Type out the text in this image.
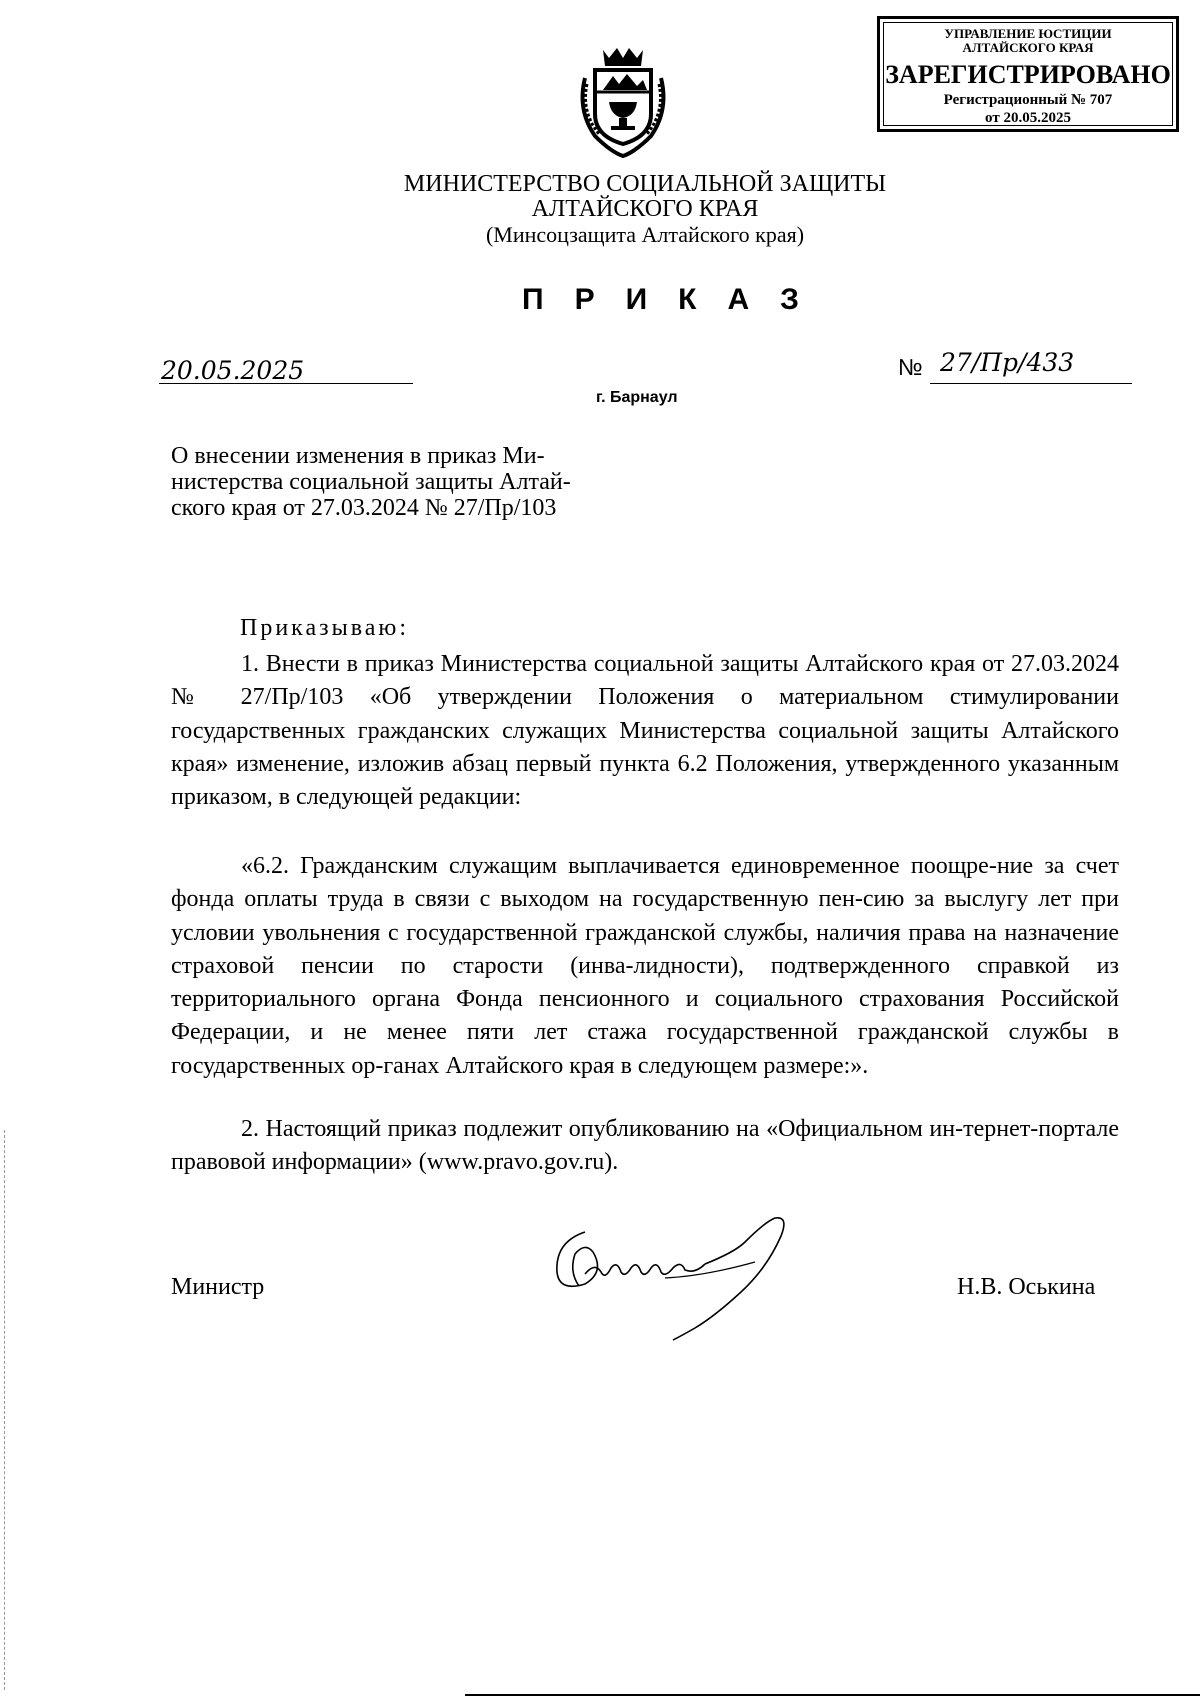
УПРАВЛЕНИЕ ЮСТИЦИИ
АЛТАЙСКОГО КРАЯ
ЗАРЕГИСТРИРОВАНО
Регистрационный № 707
от 20.05.2025
МИНИСТЕРСТВО СОЦИАЛЬНОЙ ЗАЩИТЫ
АЛТАЙСКОГО КРАЯ
(Минсоцзащита Алтайского края)
ПРИКАЗ
20.05.2025	№ 27/Пр/433
г. Барнаул
О внесении изменения в приказ Ми-
нистерства социальной защиты Алтай-
ского края от 27.03.2024 № 27/Пр/103
Приказываю:

1. Внести в приказ Министерства социальной защиты Алтайского края от 27.03.2024 № 27/Пр/103 «Об утверждении Положения о материальном стимулировании государственных гражданских служащих Министерства социальной защиты Алтайского края» изменение, изложив абзац первый пункта 6.2 Положения, утвержденного указанным приказом, в следующей редакции:

«6.2. Гражданским служащим выплачивается единовременное поощре-ние за счет фонда оплаты труда в связи с выходом на государственную пен-сию за выслугу лет при условии увольнения с государственной гражданской службы, наличия права на назначение страховой пенсии по старости (инва-лидности), подтвержденного справкой из территориального органа Фонда пенсионного и социального страхования Российской Федерации, и не менее пяти лет стажа государственной гражданской службы в государственных ор-ганах Алтайского края в следующем размере:».

2. Настоящий приказ подлежит опубликованию на «Официальном ин-тернет-портале правовой информации» (www.pravo.gov.ru).

Министр	Н.В. Оськина
